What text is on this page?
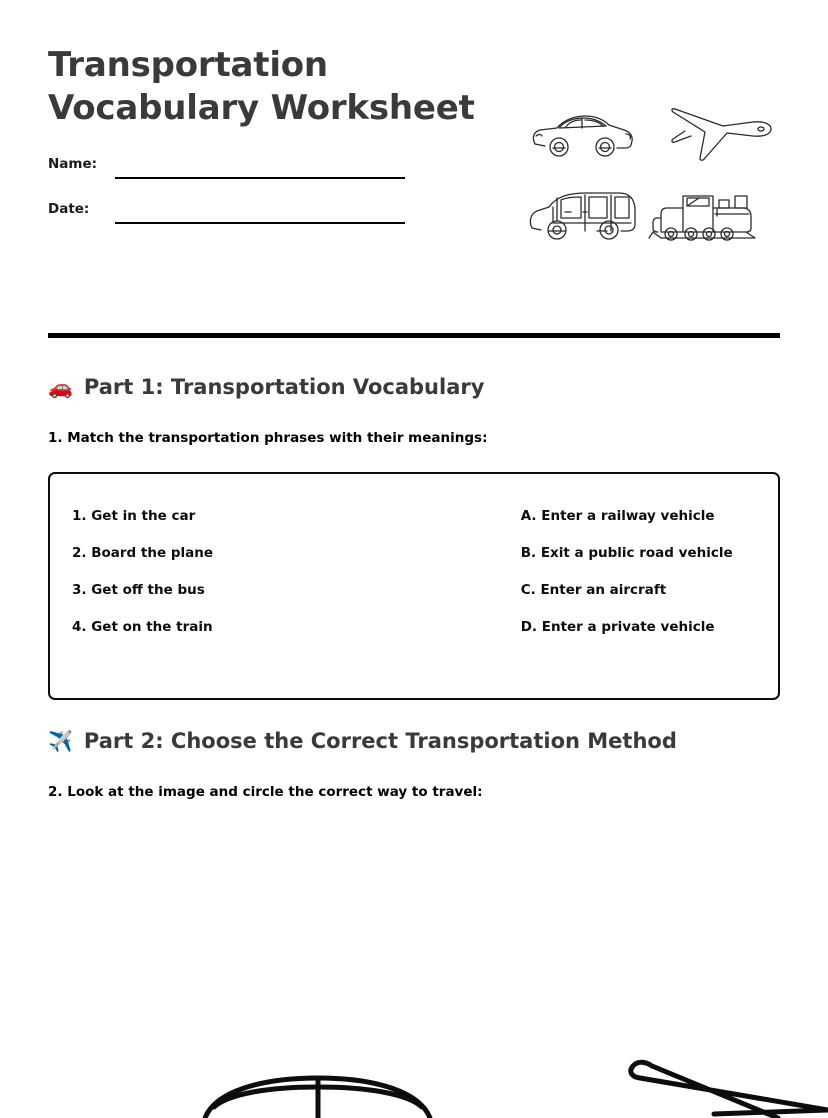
Transportation
Vocabulary Worksheet
Name:
Date:
🚗 Part 1: Transportation Vocabulary
1. Match the transportation phrases with their meanings:
1. Get in the car
2. Board the plane
3. Get off the bus
4. Get on the train
A. Enter a railway vehicle
B. Exit a public road vehicle
C. Enter an aircraft
D. Enter a private vehicle
✈️ Part 2: Choose the Correct Transportation Method
2. Look at the image and circle the correct way to travel:
